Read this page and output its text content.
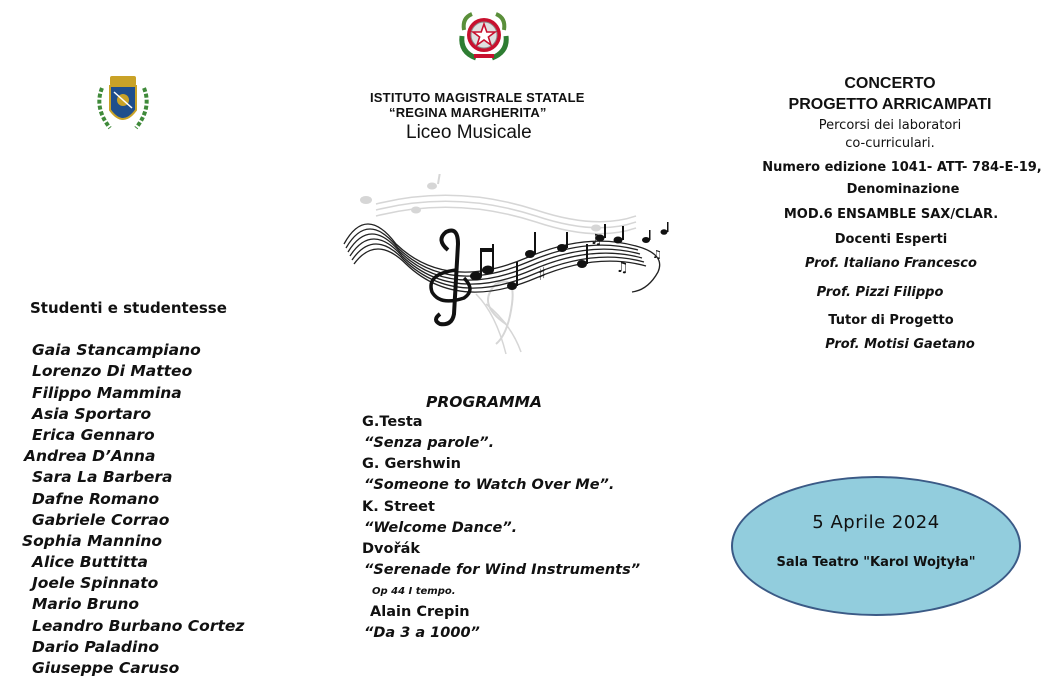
ISTITUTO MAGISTRALE STATALE
“REGINA MARGHERITA”
Liceo Musicale
♯
♫
♫
♫
CONCERTO
PROGETTO ARRICAMPATI
Percorsi dei laboratori
co-curriculari.
Numero edizione 1041- ATT- 784-E-19,
Denominazione
MOD.6 ENSAMBLE SAX/CLAR.
Docenti Esperti
Prof. Italiano Francesco
Prof. Pizzi Filippo
Tutor di Progetto
Prof. Motisi Gaetano
Studenti e studentesse
Gaia Stancampiano
Lorenzo Di Matteo
Filippo Mammina
Asia Sportaro
Erica Gennaro
Andrea D’Anna
Sara La Barbera
Dafne Romano
Gabriele Corrao
Sophia Mannino
Alice Buttitta
Joele Spinnato
Mario Bruno
Leandro Burbano Cortez
Dario Paladino
Giuseppe Caruso
PROGRAMMA
G.Testa
“Senza parole”.
G. Gershwin
“Someone to Watch Over Me”.
K. Street
“Welcome Dance”.
Dvořák
“Serenade for Wind Instruments”
Op 44 I tempo.
Alain Crepin
“Da 3 a 1000”
5 Aprile 2024
Sala Teatro "Karol Wojtyła"
